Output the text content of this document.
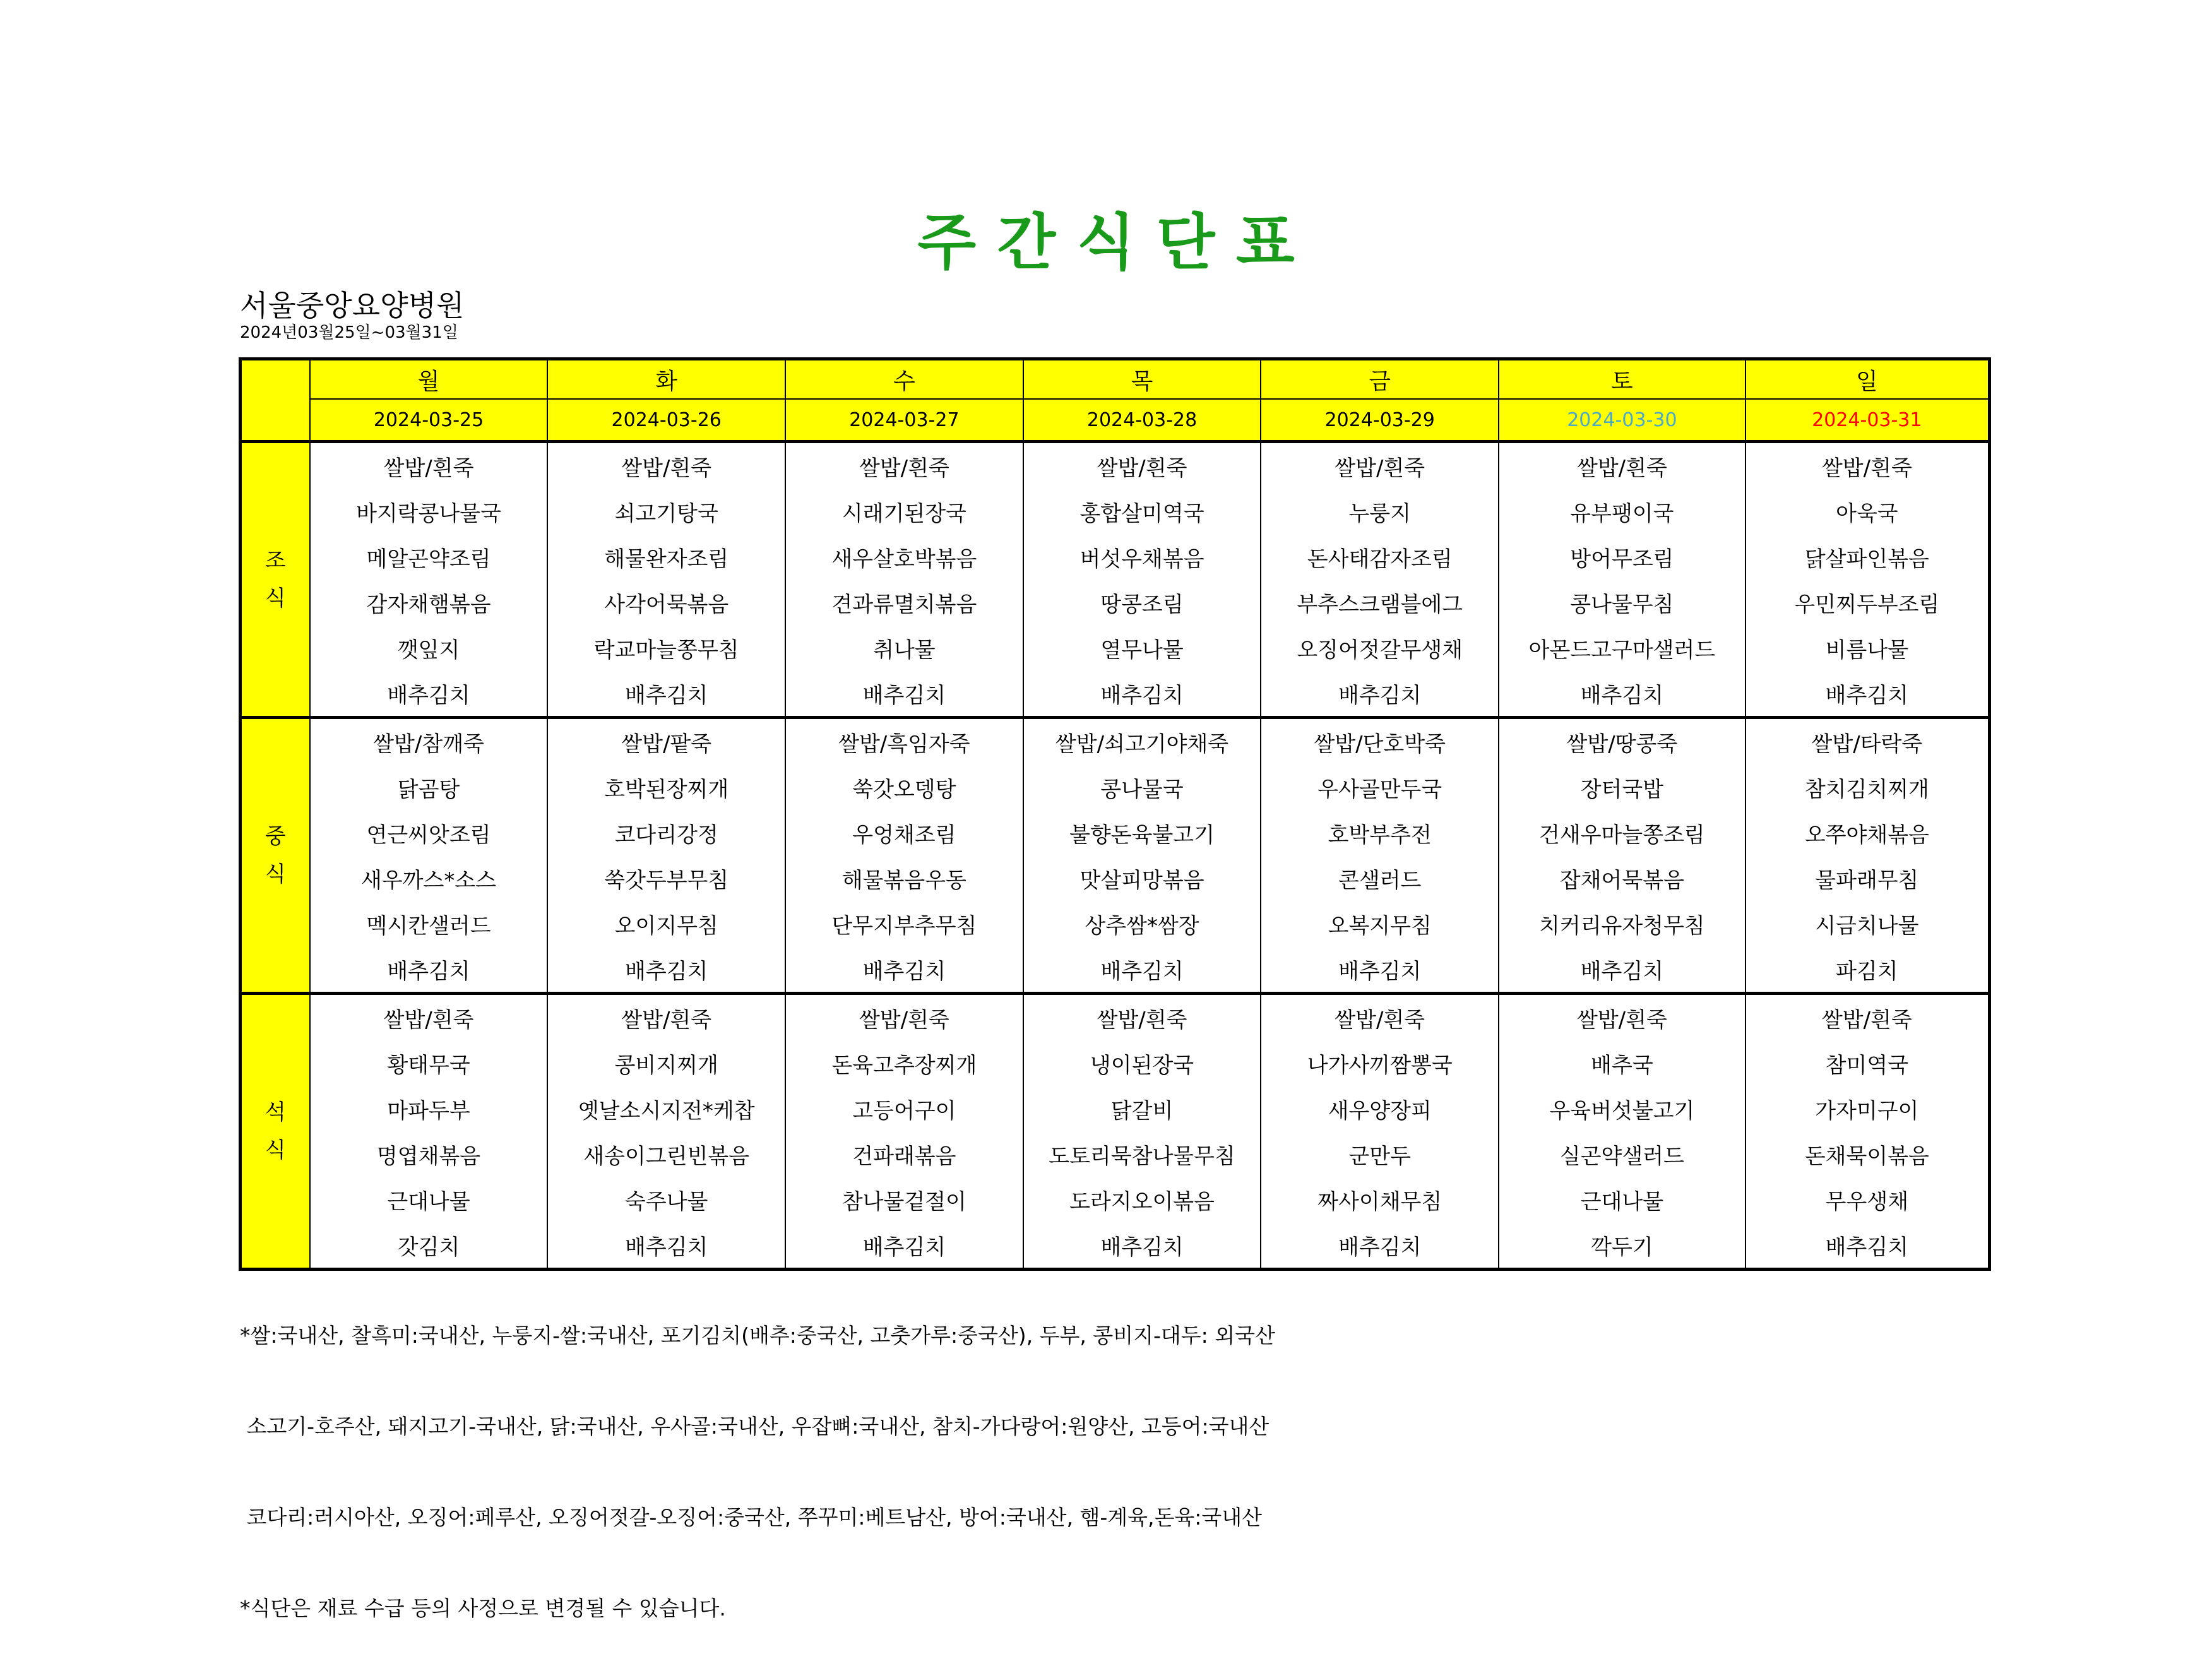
주 간 식 단 표
서울중앙요양병원
2024년03월25일~03월31일
	월	화	수	목	금	토	일
	2024-03-25	2024-03-26	2024-03-27	2024-03-28	2024-03-29	2024-03-30	2024-03-31

조
식	쌀밥/흰죽	쌀밥/흰죽	쌀밥/흰죽	쌀밥/흰죽	쌀밥/흰죽	쌀밥/흰죽	쌀밥/흰죽
	바지락콩나물국	쇠고기탕국	시래기된장국	홍합살미역국	누룽지	유부팽이국	아욱국
	메알곤약조림	해물완자조림	새우살호박볶음	버섯우채볶음	돈사태감자조림	방어무조림	닭살파인볶음
	감자채햄볶음	사각어묵볶음	견과류멸치볶음	땅콩조림	부추스크램블에그	콩나물무침	우민찌두부조림
	깻잎지	락교마늘쫑무침	취나물	열무나물	오징어젓갈무생채	아몬드고구마샐러드	비름나물
	배추김치	배추김치	배추김치	배추김치	배추김치	배추김치	배추김치

중
식	쌀밥/참깨죽	쌀밥/팥죽	쌀밥/흑임자죽	쌀밥/쇠고기야채죽	쌀밥/단호박죽	쌀밥/땅콩죽	쌀밥/타락죽
	닭곰탕	호박된장찌개	쑥갓오뎅탕	콩나물국	우사골만두국	장터국밥	참치김치찌개
	연근씨앗조림	코다리강정	우엉채조림	불향돈육불고기	호박부추전	건새우마늘쫑조림	오쭈야채볶음
	새우까스*소스	쑥갓두부무침	해물볶음우동	맛살피망볶음	콘샐러드	잡채어묵볶음	물파래무침
	멕시칸샐러드	오이지무침	단무지부추무침	상추쌈*쌈장	오복지무침	치커리유자청무침	시금치나물
	배추김치	배추김치	배추김치	배추김치	배추김치	배추김치	파김치

석
식	쌀밥/흰죽	쌀밥/흰죽	쌀밥/흰죽	쌀밥/흰죽	쌀밥/흰죽	쌀밥/흰죽	쌀밥/흰죽
	황태무국	콩비지찌개	돈육고추장찌개	냉이된장국	나가사끼짬뽕국	배추국	참미역국
	마파두부	옛날소시지전*케찹	고등어구이	닭갈비	새우양장피	우육버섯불고기	가자미구이
	명엽채볶음	새송이그린빈볶음	건파래볶음	도토리묵참나물무침	군만두	실곤약샐러드	돈채묵이볶음
	근대나물	숙주나물	참나물겉절이	도라지오이볶음	짜사이채무침	근대나물	무우생채
	갓김치	배추김치	배추김치	배추김치	배추김치	깍두기	배추김치

*쌀:국내산, 찰흑미:국내산, 누룽지-쌀:국내산, 포기김치(배추:중국산, 고춧가루:중국산), 두부, 콩비지-대두: 외국산

소고기-호주산, 돼지고기-국내산, 닭:국내산, 우사골:국내산, 우잡뼈:국내산, 참치-가다랑어:원양산, 고등어:국내산

코다리:러시아산, 오징어:페루산, 오징어젓갈-오징어:중국산, 쭈꾸미:베트남산, 방어:국내산, 햄-계육,돈육:국내산

*식단은 재료 수급 등의 사정으로 변경될 수 있습니다.
